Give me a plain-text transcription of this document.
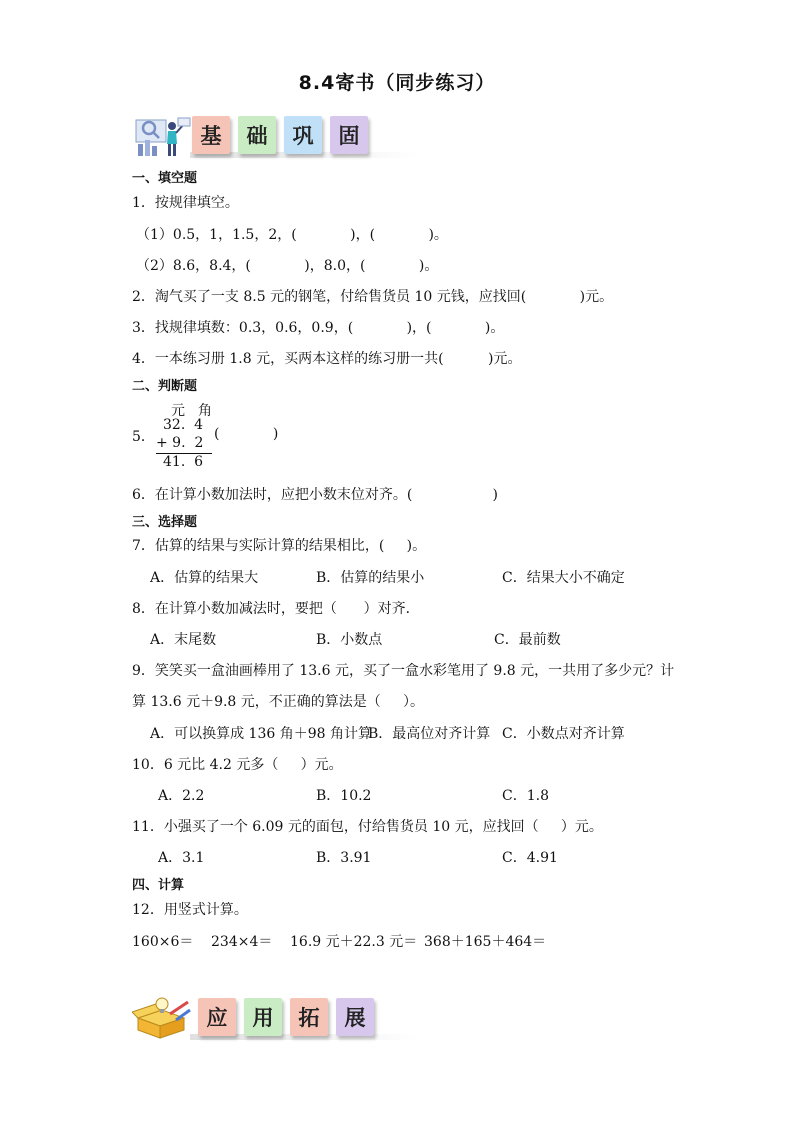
8.4寄书（同步练习）
基	础	巩	固
一、填空题
1．按规律填空。
（1）0.5，1，1.5，2，(            )，(            )。
（2）8.6，8.4，(            )，8.0，(            )。
2．淘气买了一支 8.5 元的钢笔，付给售货员 10 元钱，应找回(            )元。
3．找规律填数：0.3，0.6，0.9，(            )，(            )。
4．一本练习册 1.8 元，买两本这样的练习册一共(          )元。
二、判断题
5．
元 角
32.  4
+ 9.  2
41.  6
(            )
6．在计算小数加法时，应把小数末位对齐。(                  )
三、选择题
7．估算的结果与实际计算的结果相比，(     )。
A．估算的结果大	B．估算的结果小	C．结果大小不确定
8．在计算小数加减法时，要把（      ）对齐．
A．末尾数	B．小数点	C．最前数
9．笑笑买一盒油画棒用了 13.6 元，买了一盒水彩笔用了 9.8 元，一共用了多少元？计
算 13.6 元＋9.8 元，不正确的算法是（     ）。
A．可以换算成 136 角＋98 角计算
B．最高位对齐计算 C．小数点对齐计算
10．6 元比 4.2 元多（     ）元。
A．2.2	B．10.2	C．1.8
11．小强买了一个 6.09 元的面包，付给售货员 10 元，应找回（     ）元。
A．3.1	B．3.91	C．4.91
四、计算
12．用竖式计算。
160×6＝ 234×4＝ 16.9 元＋22.3 元＝ 368＋165＋464＝
应	用	拓	展
